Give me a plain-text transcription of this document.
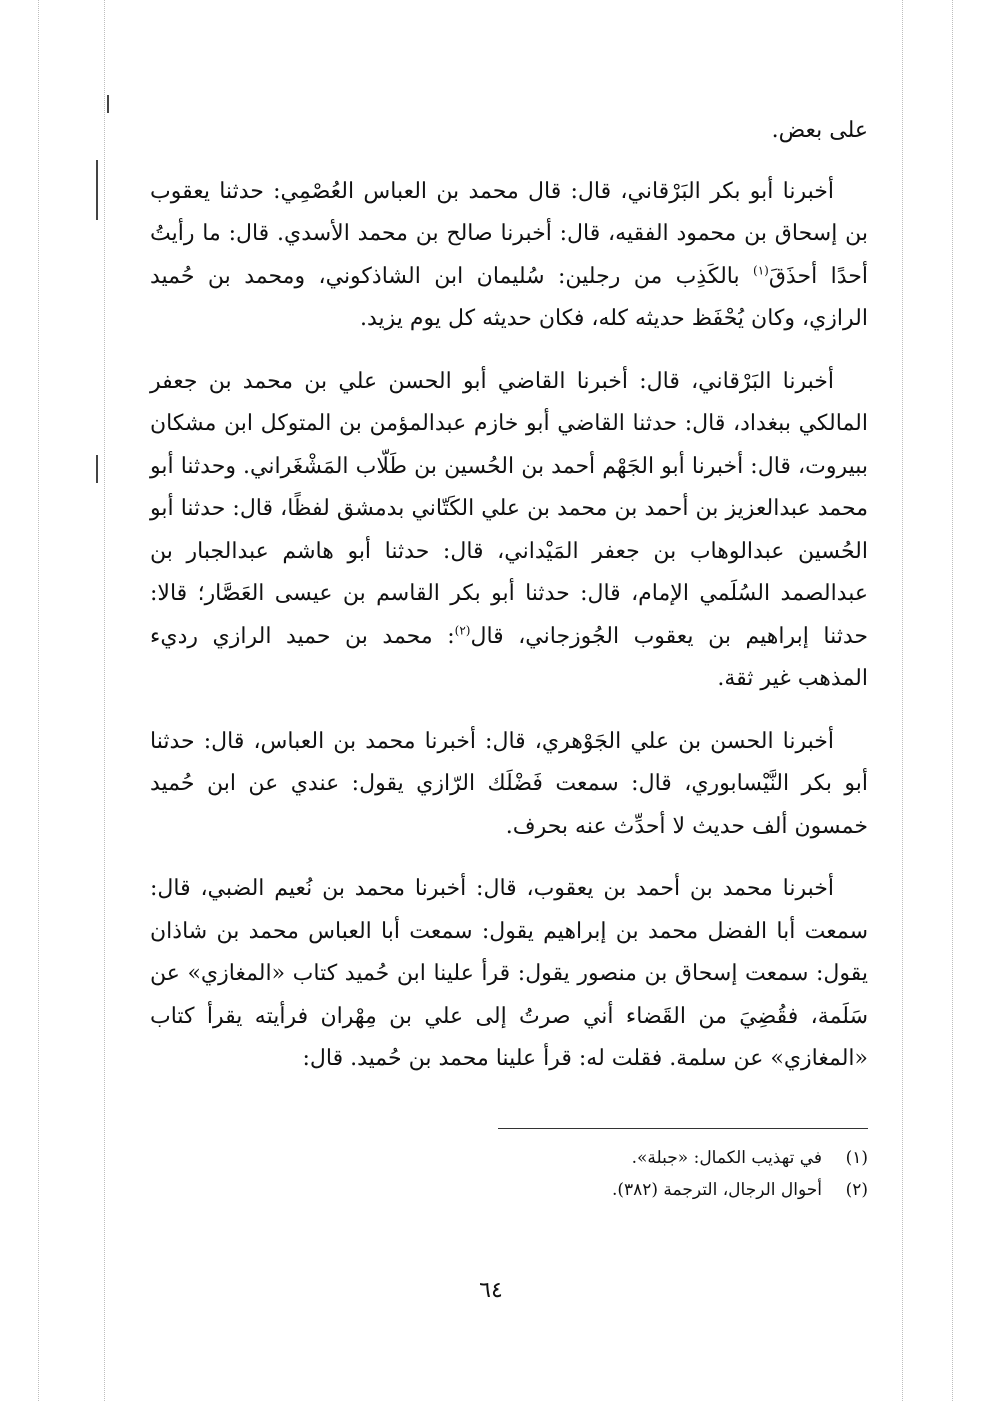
على بعض.

أخبرنا أبو بكر البَرْقاني، قال: قال محمد بن العباس العُصْمِي: حدثنا يعقوب بن إسحاق بن محمود الفقيه، قال: أخبرنا صالح بن محمد الأسدي. قال: ما رأيتُ أحدًا أحذَقَ$^{(١)}$ بالكَذِب من رجلين: سُليمان ابن الشاذكوني، ومحمد بن حُميد الرازي، وكان يُحْفَظ حديثه كله، فكان حديثه كل يوم يزيد.

أخبرنا البَرْقاني، قال: أخبرنا القاضي أبو الحسن علي بن محمد بن جعفر المالكي ببغداد، قال: حدثنا القاضي أبو خازم عبدالمؤمن بن المتوكل ابن مشكان ببيروت، قال: أخبرنا أبو الجَهْم أحمد بن الحُسين بن طَلّاب المَشْغَراني. وحدثنا أبو محمد عبدالعزيز بن أحمد بن محمد بن علي الكَتّاني بدمشق لفظًا، قال: حدثنا أبو الحُسين عبدالوهاب بن جعفر المَيْداني، قال: حدثنا أبو هاشم عبدالجبار بن عبدالصمد السُلَمي الإمام، قال: حدثنا أبو بكر القاسم بن عيسى العَصَّار؛ قالا: حدثنا إبراهيم بن يعقوب الجُوزجاني، قال$^{(٢)}$: محمد بن حميد الرازي رديء المذهب غير ثقة.

أخبرنا الحسن بن علي الجَوْهري، قال: أخبرنا محمد بن العباس، قال: حدثنا أبو بكر النَّيْسابوري، قال: سمعت فَضْلَك الرّازي يقول: عندي عن ابن حُميد خمسون ألف حديث لا أحدِّث عنه بحرف.

أخبرنا محمد بن أحمد بن يعقوب، قال: أخبرنا محمد بن نُعيم الضبي، قال: سمعت أبا الفضل محمد بن إبراهيم يقول: سمعت أبا العباس محمد بن شاذان يقول: سمعت إسحاق بن منصور يقول: قرأ علينا ابن حُميد كتاب «المغازي» عن سَلَمة، فقُضِيَ من القَضاء أني صرتُ إلى علي بن مِهْران فرأيته يقرأ كتاب «المغازي» عن سلمة. فقلت له: قرأ علينا محمد بن حُميد. قال:

(١)في تهذيب الكمال: «جبلة».
(٢)أحوال الرجال، الترجمة (٣٨٢).
٦٤
